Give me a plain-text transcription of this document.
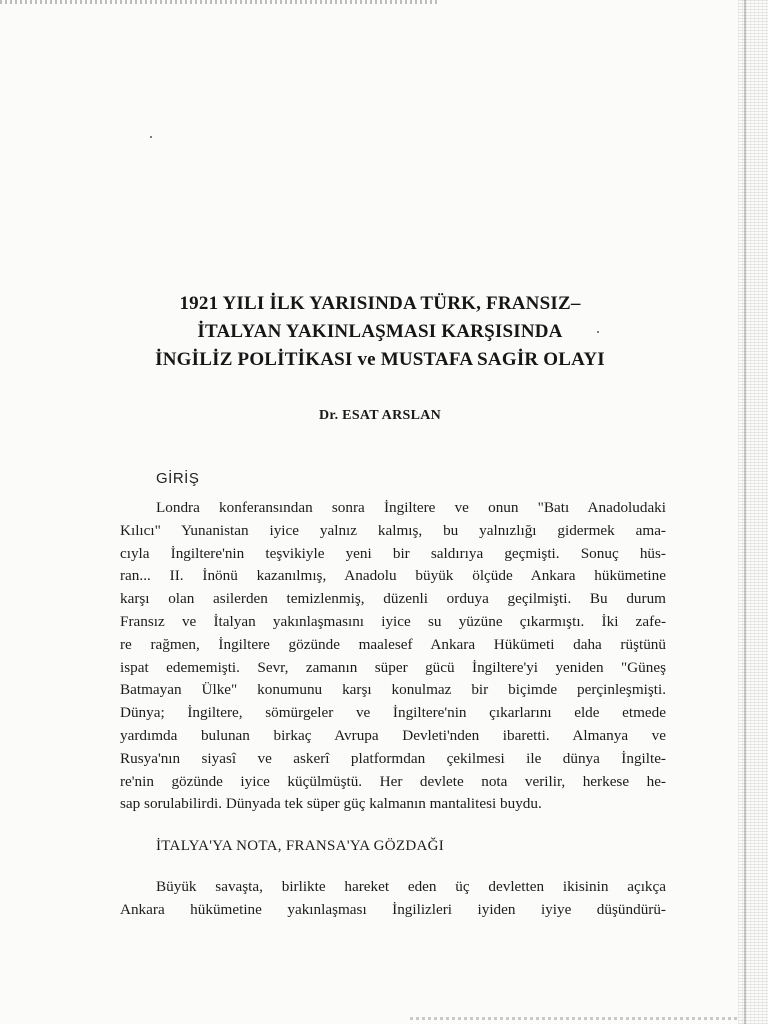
1921 YILI İLK YARISINDA TÜRK, FRANSIZ–
İTALYAN YAKINLAŞMASI KARŞISINDA
İNGİLİZ POLİTİKASI ve MUSTAFA SAGİR OLAYI
Dr. ESAT ARSLAN
GİRİŞ
Londra konferansından sonra İngiltere ve onun "Batı Anadoludaki
Kılıcı" Yunanistan iyice yalnız kalmış, bu yalnızlığı gidermek ama-
cıyla İngiltere'nin teşvikiyle yeni bir saldırıya geçmişti. Sonuç hüs-
ran... II. İnönü kazanılmış, Anadolu büyük ölçüde Ankara hükümetine
karşı olan asilerden temizlenmiş, düzenli orduya geçilmişti. Bu durum
Fransız ve İtalyan yakınlaşmasını iyice su yüzüne çıkarmıştı. İki zafe-
re rağmen, İngiltere gözünde maalesef Ankara Hükümeti daha rüştünü
ispat edememişti. Sevr, zamanın süper gücü İngiltere'yi yeniden "Güneş
Batmayan Ülke" konumunu karşı konulmaz bir biçimde perçinleşmişti.
Dünya; İngiltere, sömürgeler ve İngiltere'nin çıkarlarını elde etmede
yardımda bulunan birkaç Avrupa Devleti'nden ibaretti. Almanya ve
Rusya'nın siyasî ve askerî platformdan çekilmesi ile dünya İngilte-
re'nin gözünde iyice küçülmüştü. Her devlete nota verilir, herkese he-
sap sorulabilirdi. Dünyada tek süper güç kalmanın mantalitesi buydu.
İTALYA'YA NOTA, FRANSA'YA GÖZDAĞI
Büyük savaşta, birlikte hareket eden üç devletten ikisinin açıkça
Ankara hükümetine yakınlaşması İngilizleri iyiden iyiye düşündürü-
